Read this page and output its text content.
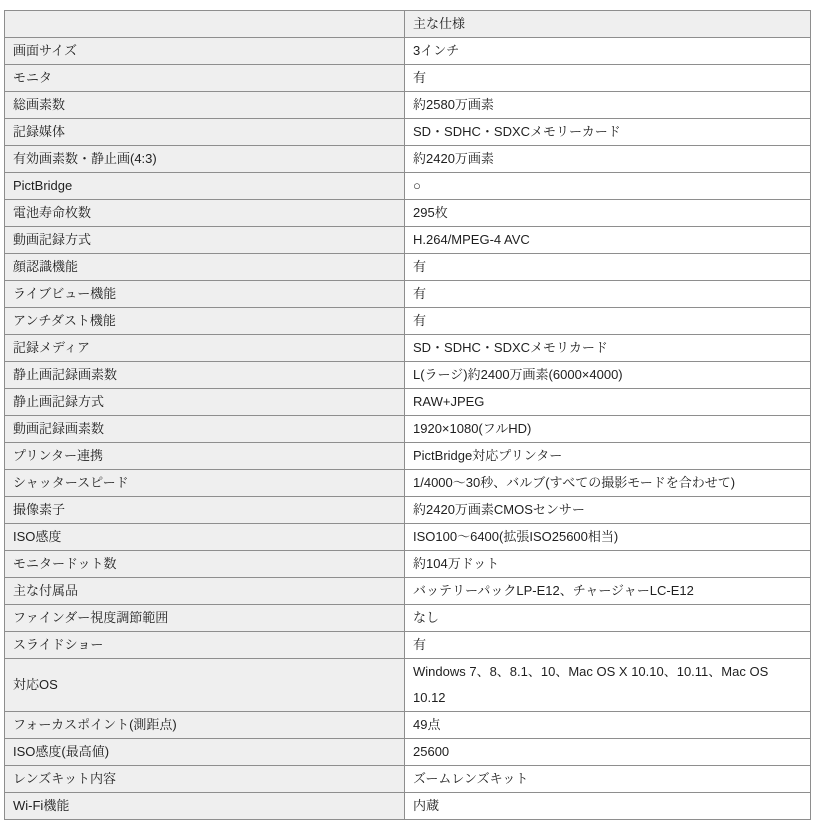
	主な仕様
画面サイズ	3インチ
モニタ	有
総画素数	約2580万画素
記録媒体	SD・SDHC・SDXCメモリーカード
有効画素数・静止画(4:3)	約2420万画素
PictBridge	○
電池寿命枚数	295枚
動画記録方式	H.264/MPEG-4 AVC
顔認識機能	有
ライブビュー機能	有
アンチダスト機能	有
記録メディア	SD・SDHC・SDXCメモリカード
静止画記録画素数	L(ラージ)約2400万画素(6000×4000)
静止画記録方式	RAW+JPEG
動画記録画素数	1920×1080(フルHD)
プリンター連携	PictBridge対応プリンター
シャッタースピード	1/4000〜30秒、バルブ(すべての撮影モードを合わせて)
撮像素子	約2420万画素CMOSセンサー
ISO感度	ISO100〜6400(拡張ISO25600相当)
モニタードット数	約104万ドット
主な付属品	バッテリーパックLP-E12、チャージャーLC-E12
ファインダー視度調節範囲	なし
スライドショー	有
対応OS	Windows 7、8、8.1、10、Mac OS X 10.10、10.11、Mac OS 10.12
フォーカスポイント(測距点)	49点
ISO感度(最高値)	25600
レンズキット内容	ズームレンズキット
Wi-Fi機能	内蔵
